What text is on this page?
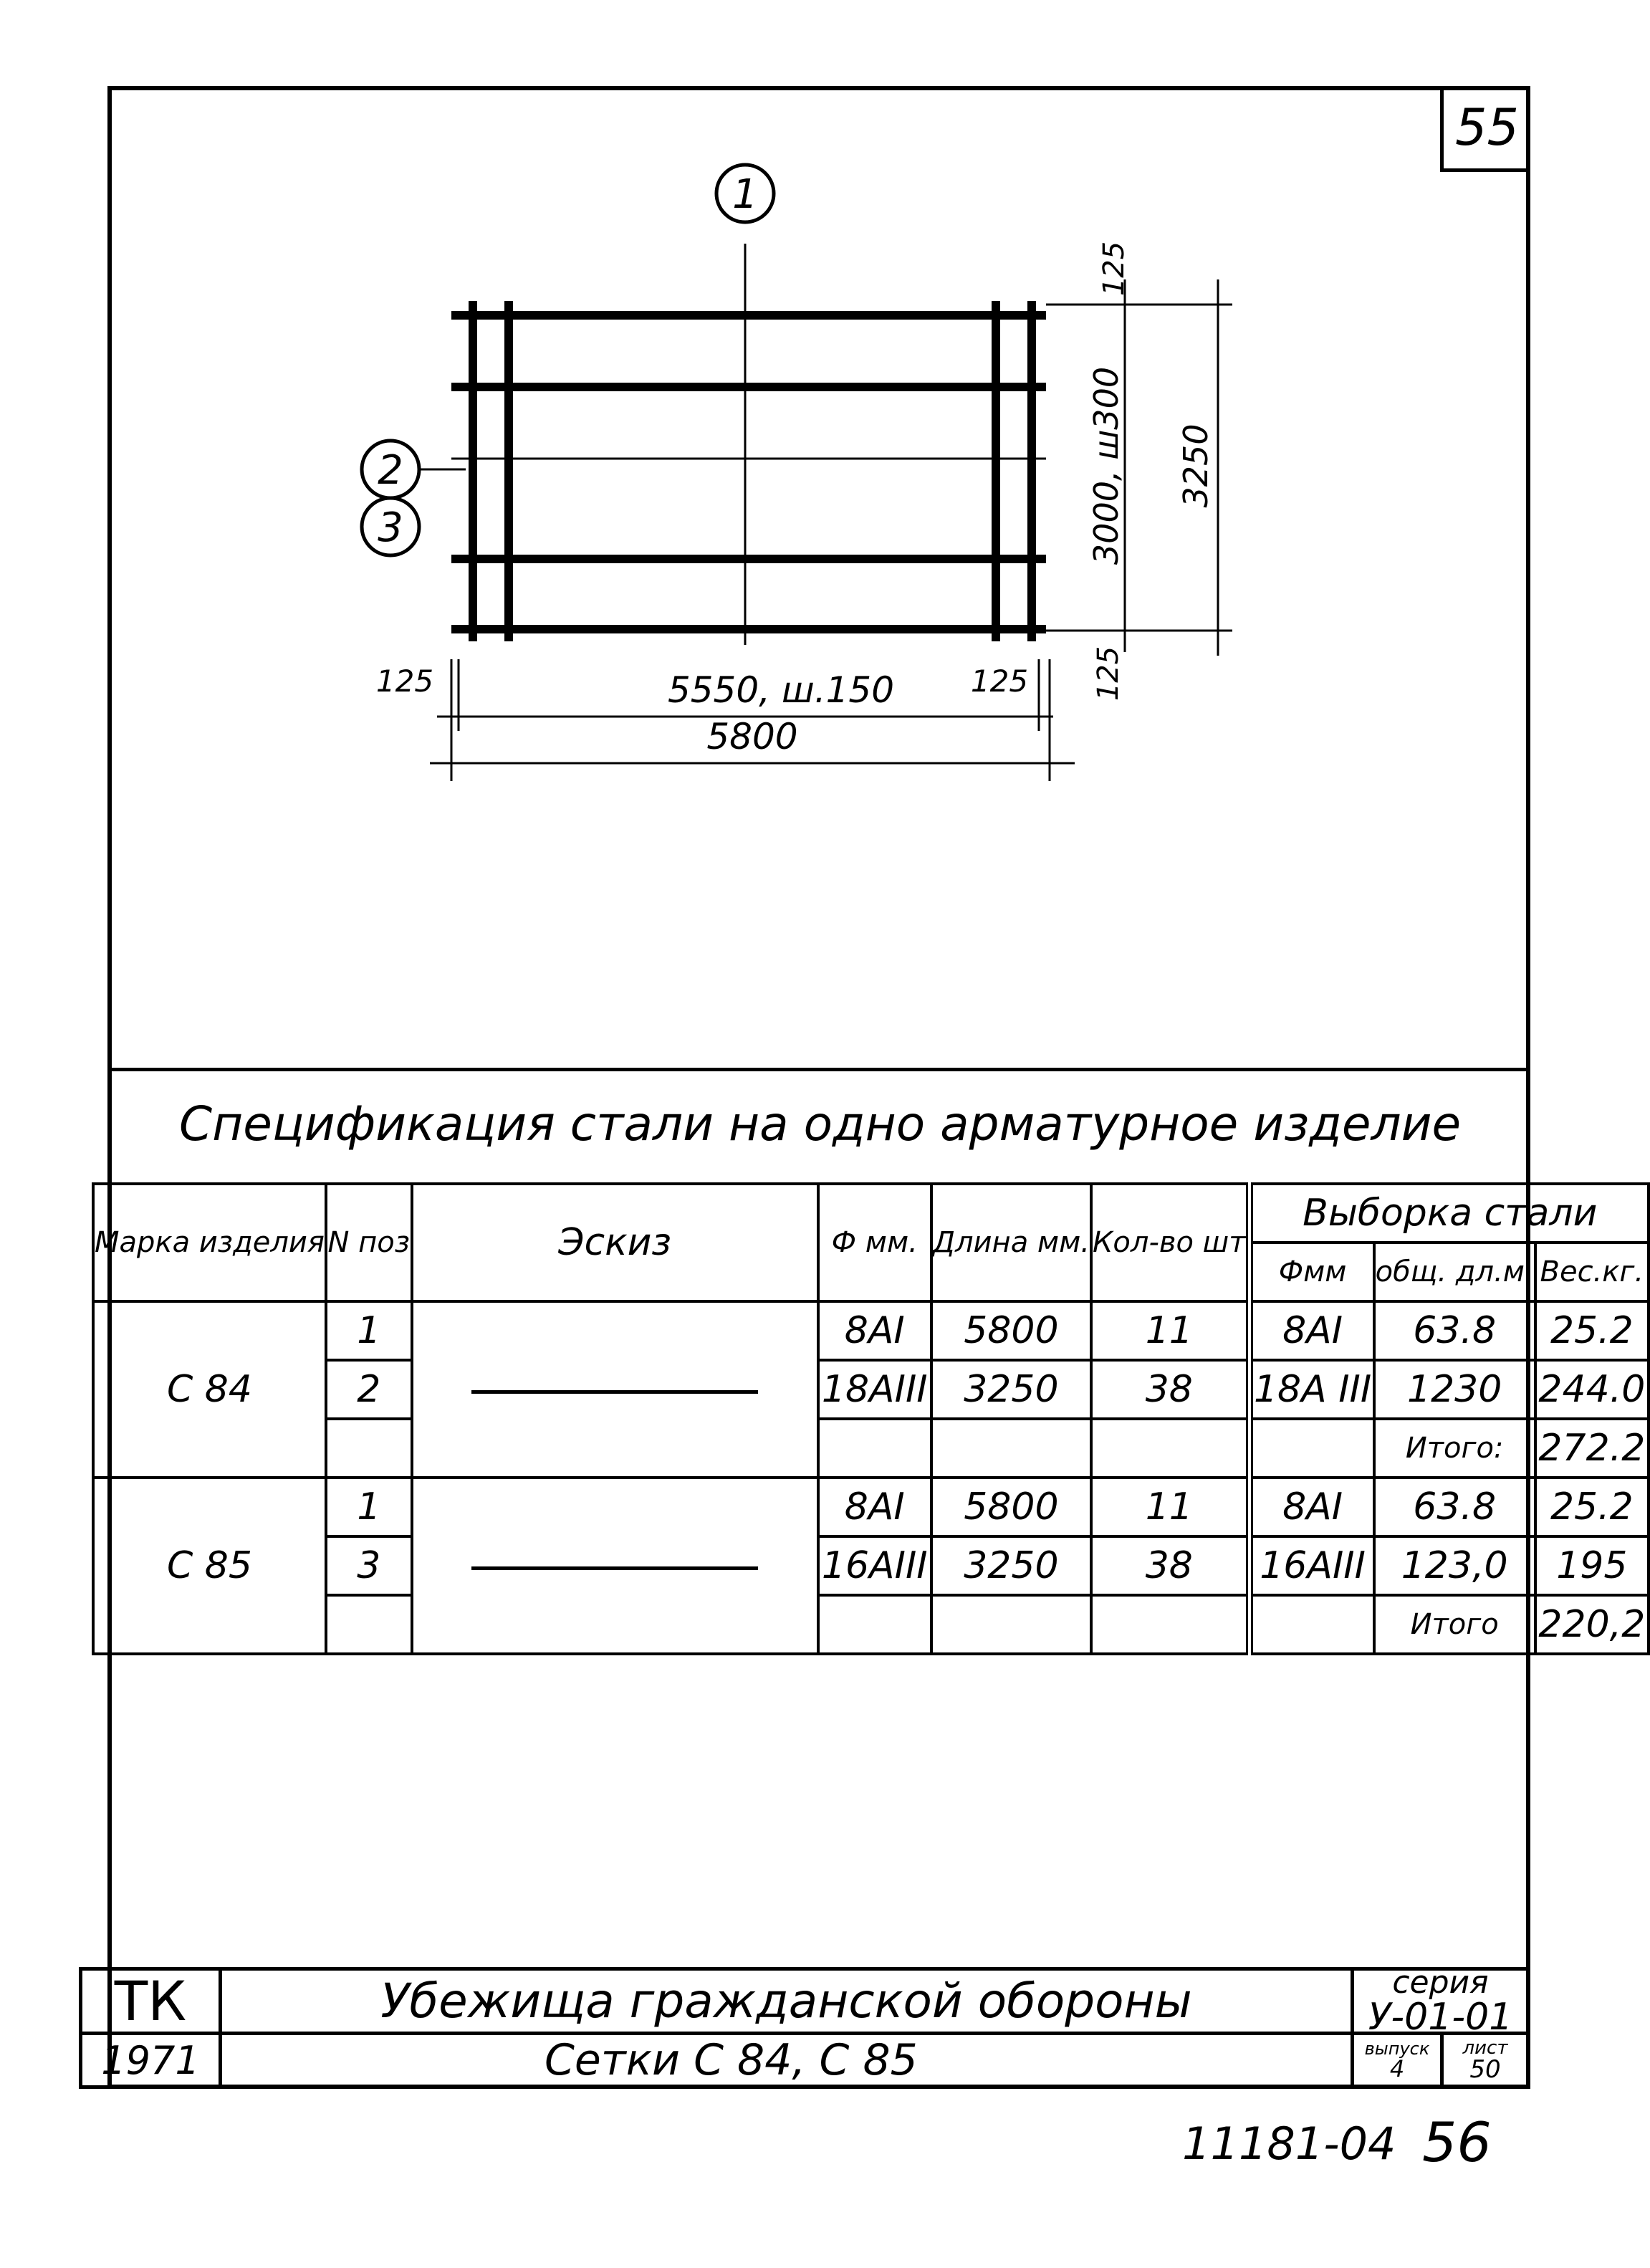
55
1
2
3
125
3000, ш300 3250
125
125	5550, ш.150	125
5800
Спецификация стали на одно арматурное изделие
Марка изделия	N поз	Эскиз	Ф мм.	Длина мм.	Кол-во шт	Выборка стали		
						Фмм	общ. дл.м.	Вес.кг.
С 84	1		8AI	5800	11	8AI	63.8	25.2
	2		18AIII	3250	38	18A III	1230	244.0
							Итого:	272.2
С 85	1		8AI	5800	11	8AI	63.8	25.2
	3		16AIII	3250	38	16AIII	123,0	195
							Итого	220,2
ТК
1971
Убежища гражданской обороны
Сетки С 84, С 85
серия
У-01-01
выпуск
4
лист
50
11181-04 56
